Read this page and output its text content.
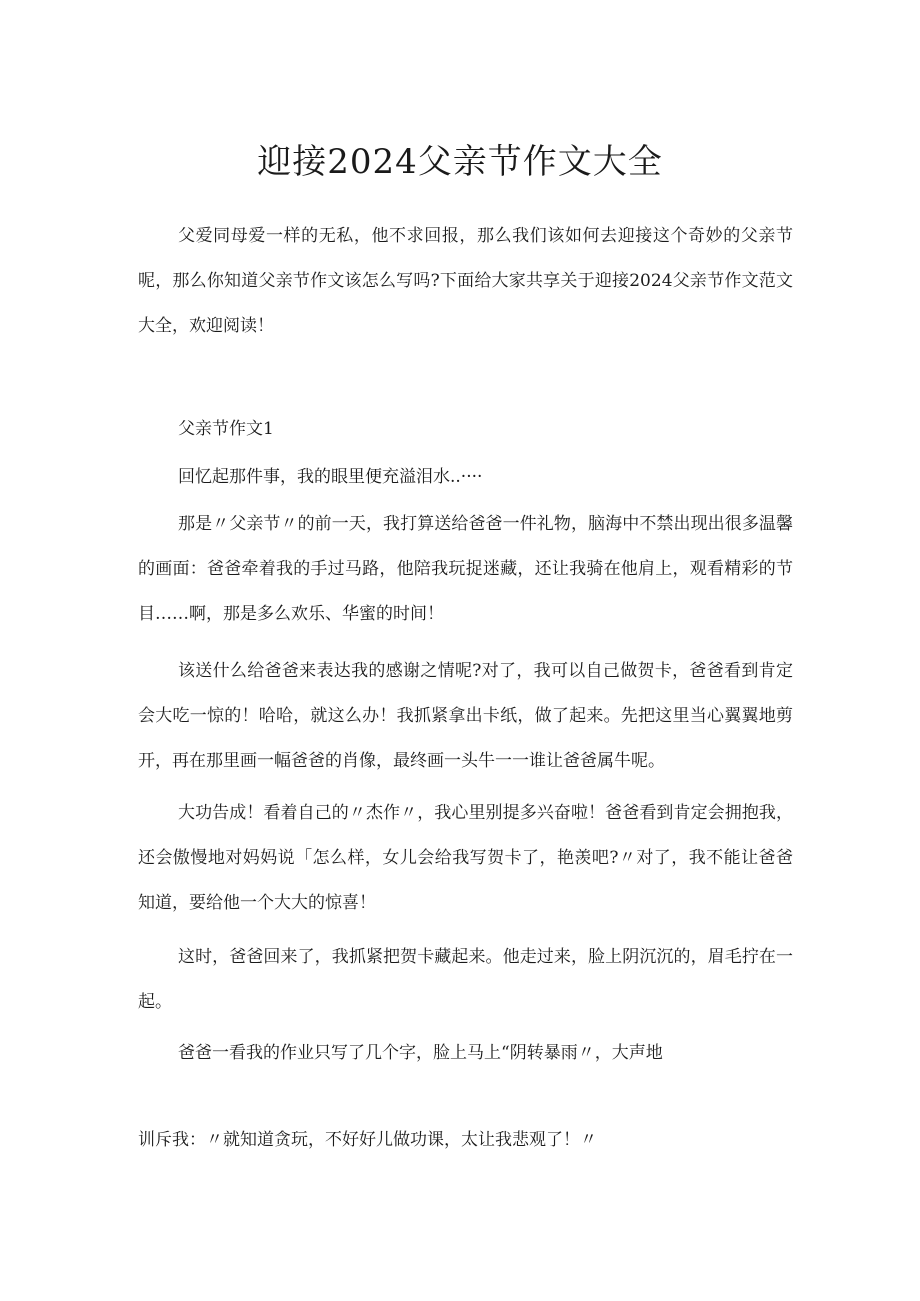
迎接2024父亲节作文大全

父爱同母爱一样的无私，他不求回报，那么我们该如何去迎接这个奇妙的父亲节呢，那么你知道父亲节作文该怎么写吗?下面给大家共享关于迎接2024父亲节作文范文大全，欢迎阅读！

父亲节作文1

回忆起那件事，我的眼里便充溢泪水..····

那是〃父亲节〃的前一天，我打算送给爸爸一件礼物，脑海中不禁出现出很多温馨的画面：爸爸牵着我的手过马路，他陪我玩捉迷藏，还让我骑在他肩上，观看精彩的节目……啊，那是多么欢乐、华蜜的时间！

该送什么给爸爸来表达我的感谢之情呢?对了，我可以自己做贺卡，爸爸看到肯定会大吃一惊的！哈哈，就这么办！我抓紧拿出卡纸，做了起来。先把这里当心翼翼地剪开，再在那里画一幅爸爸的肖像，最终画一头牛一一谁让爸爸属牛呢。

大功告成！看着自己的〃杰作〃，我心里别提多兴奋啦！爸爸看到肯定会拥抱我，还会傲慢地对妈妈说「怎么样，女儿会给我写贺卡了，艳羡吧?〃对了，我不能让爸爸知道，要给他一个大大的惊喜！

这时，爸爸回来了，我抓紧把贺卡藏起来。他走过来，脸上阴沉沉的，眉毛拧在一起。

爸爸一看我的作业只写了几个字，脸上马上“阴转暴雨〃，大声地

训斥我：〃就知道贪玩，不好好儿做功课，太让我悲观了！〃
